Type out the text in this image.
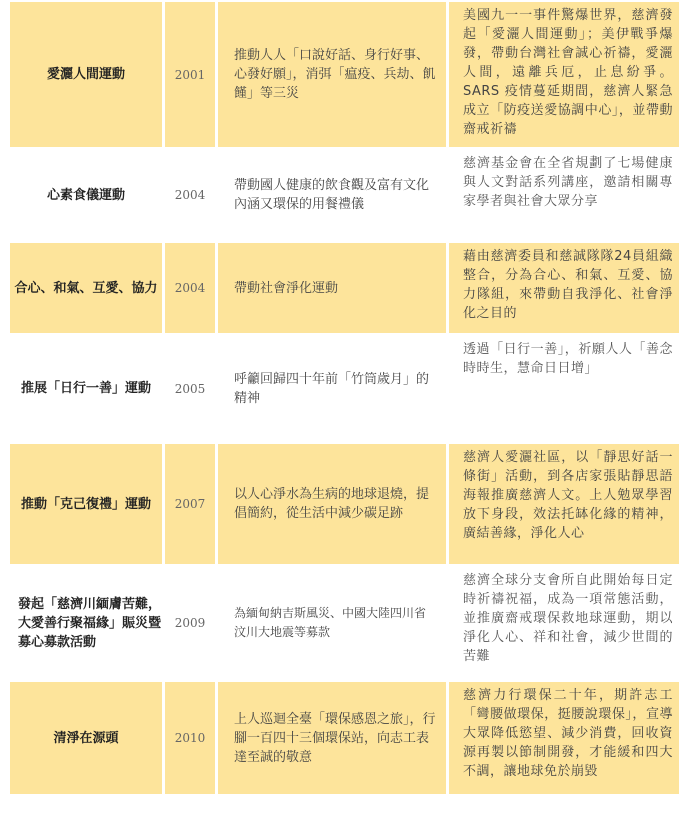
愛灑人間運動	2001	推動人人「口說好話、身行好事、心發好願」，消弭「瘟疫、兵劫、飢饉」等三災	美國九一一事件驚爆世界，慈濟發起「愛灑人間運動」；美伊戰爭爆發，帶動台灣社會誠心祈禱，愛灑人間，遠離兵厄，止息紛爭。SARS 疫情蔓延期間，慈濟人緊急成立「防疫送愛協調中心」，並帶動齋戒祈禱
心素食儀運動	2004	帶動國人健康的飲食觀及富有文化內涵又環保的用餐禮儀	慈濟基金會在全省規劃了七場健康與人文對話系列講座，邀請相關專家學者與社會大眾分享
合心、和氣、互愛、協力	2004	帶動社會淨化運動	藉由慈濟委員和慈誠隊隊24員組織整合，分為合心、和氣、互愛、協力隊組，來帶動自我淨化、社會淨化之目的
推展「日行一善」運動	2005	呼籲回歸四十年前「竹筒歲月」的精神	透過「日行一善」，祈願人人「善念時時生，慧命日日增」
推動「克己復禮」運動	2007	以人心淨水為生病的地球退燒，提倡簡約，從生活中減少碳足跡	慈濟人愛灑社區，以「靜思好話一條街」活動，到各店家張貼靜思語海報推廣慈濟人文。上人勉眾學習放下身段，效法托缽化緣的精神，廣結善緣，淨化人心
發起「慈濟川緬膚苦難，大愛善行聚福緣」賑災暨募心募款活動	2009	為緬甸納吉斯風災、中國大陸四川省汶川大地震等募款	慈濟全球分支會所自此開始每日定時祈禱祝福，成為一項常態活動，並推廣齋戒環保救地球運動，期以淨化人心、祥和社會，減少世間的苦難
清淨在源頭	2010	上人巡迴全臺「環保感恩之旅」，行腳一百四十三個環保站，向志工表達至誠的敬意	慈濟力行環保二十年，期許志工「彎腰做環保，挺腰說環保」，宣導大眾降低慾望、減少消費，回收資源再製以節制開發，才能緩和四大不調，讓地球免於崩毀
